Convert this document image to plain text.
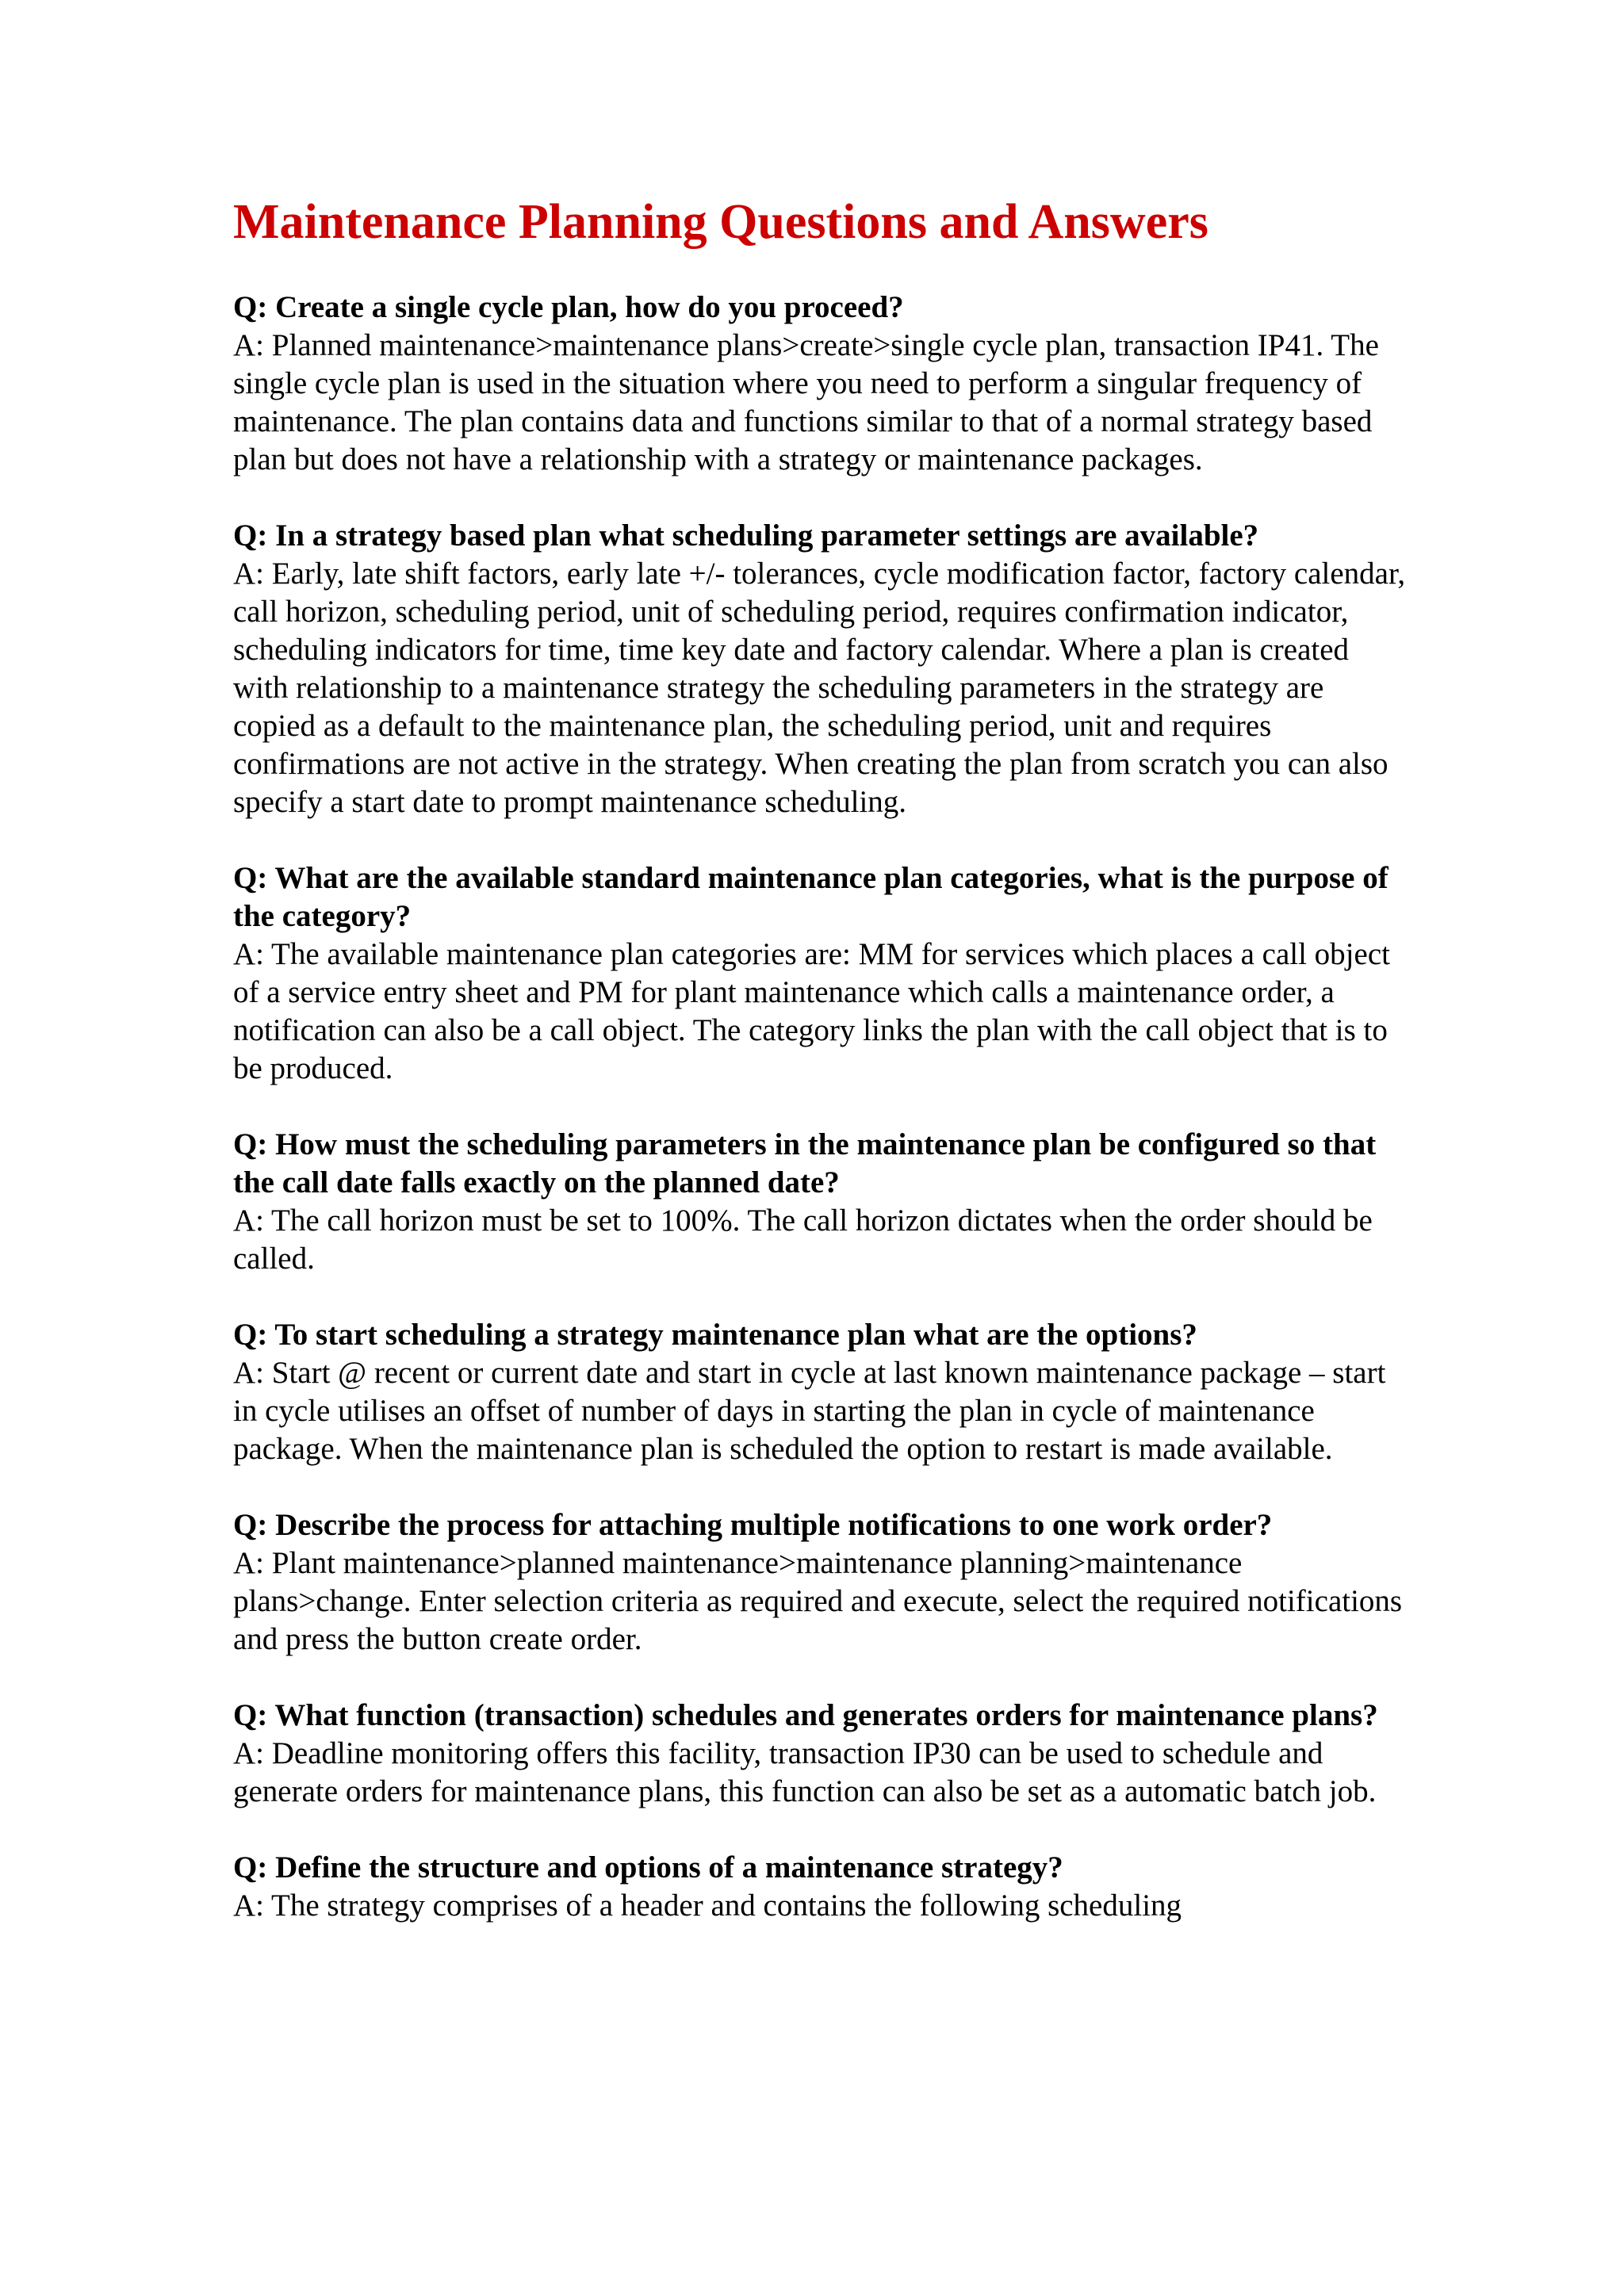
Maintenance Planning Questions and Answers

Q: Create a single cycle plan, how do you proceed?

A: Planned maintenance>maintenance plans>create>single cycle plan, transaction IP41. The single cycle plan is used in the situation where you need to perform a singular frequency of maintenance. The plan contains data and functions similar to that of a normal strategy based plan but does not have a relationship with a strategy or maintenance packages.

Q: In a strategy based plan what scheduling parameter settings are available?

A: Early, late shift factors, early late +/- tolerances, cycle modification factor, factory calendar, call horizon, scheduling period, unit of scheduling period, requires confirmation indicator, scheduling indicators for time, time key date and factory calendar. Where a plan is created with relationship to a maintenance strategy the scheduling parameters in the strategy are copied as a default to the maintenance plan, the scheduling period, unit and requires confirmations are not active in the strategy. When creating the plan from scratch you can also specify a start date to prompt maintenance scheduling.

Q: What are the available standard maintenance plan categories, what is the purpose of the category?

A: The available maintenance plan categories are: MM for services which places a call object of a service entry sheet and PM for plant maintenance which calls a maintenance order, a notification can also be a call object. The category links the plan with the call object that is to be produced.

Q: How must the scheduling parameters in the maintenance plan be configured so that the call date falls exactly on the planned date?

A: The call horizon must be set to 100%. The call horizon dictates when the order should be called.

Q: To start scheduling a strategy maintenance plan what are the options?

A: Start @ recent or current date and start in cycle at last known maintenance package – start in cycle utilises an offset of number of days in starting the plan in cycle of maintenance package. When the maintenance plan is scheduled the option to restart is made available.

Q: Describe the process for attaching multiple notifications to one work order?

A: Plant maintenance>planned maintenance>maintenance planning>maintenance plans>change. Enter selection criteria as required and execute, select the required notifications and press the button create order.

Q: What function (transaction) schedules and generates orders for maintenance plans?

A: Deadline monitoring offers this facility, transaction IP30 can be used to schedule and generate orders for maintenance plans, this function can also be set as a automatic batch job.

Q: Define the structure and options of a maintenance strategy?

A: The strategy comprises of a header and contains the following scheduling
